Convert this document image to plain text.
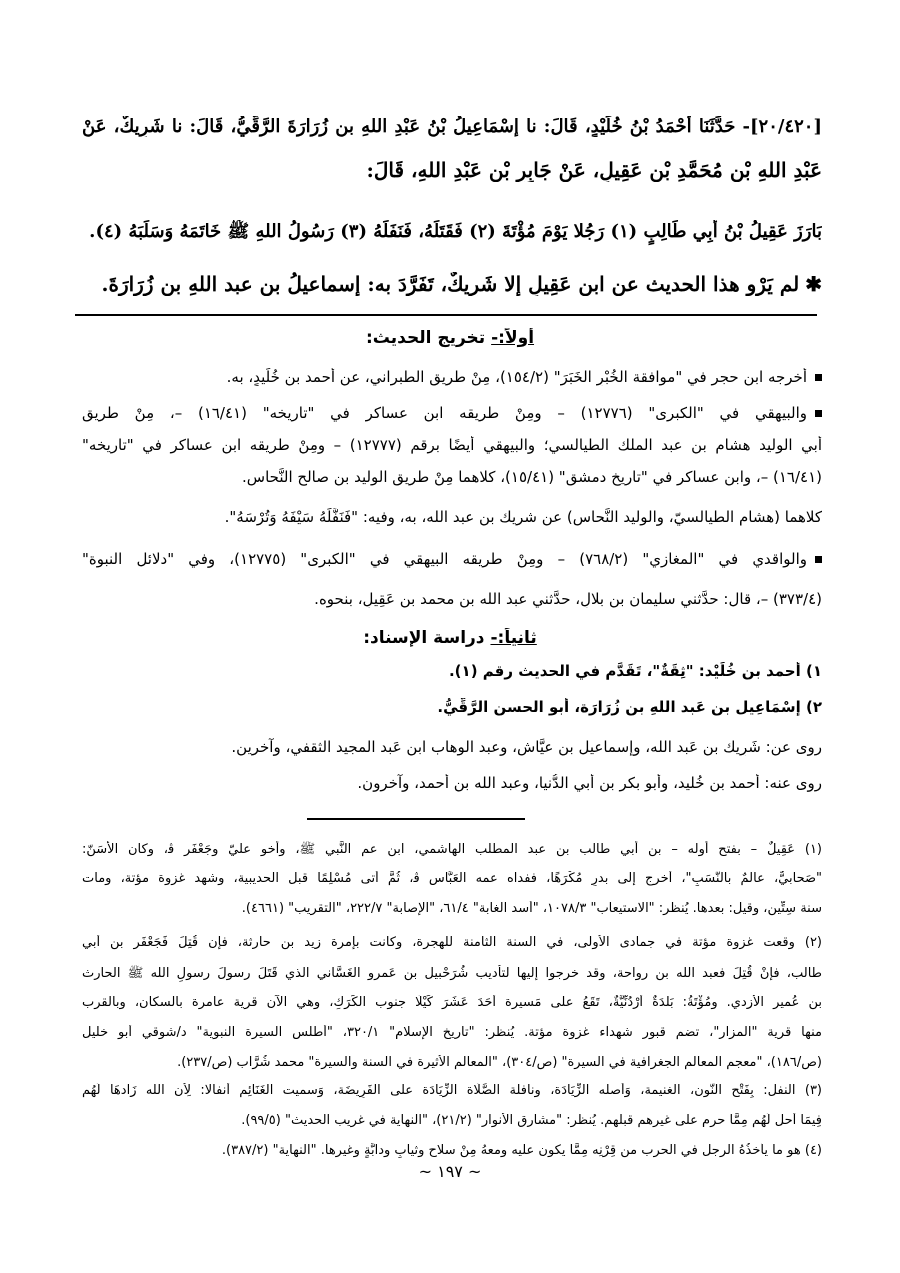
[٢٠/٤٢٠]- حَدَّثَنَا أَحْمَدُ بْنُ خُلَيْدٍ، قَالَ: نا إِسْمَاعِيلُ بْنُ عَبْدِ اللهِ بن زُرَارَةَ الرَّقِّيُّ، قَالَ: نا شَرِيكٌ، عَنْ
عَبْدِ اللهِ بْنِ مُحَمَّدِ بْنِ عَقِيلٍ، عَنْ جَابِرِ بْنِ عَبْدِ اللهِ، قَالَ:
بَارَزَ عَقِيلُ بْنُ أَبِي طَالِبٍ (١) رَجُلا يَوْمَ مُؤْتَةَ (٢) فَقَتَلَهُ، فَنَفَلَهُ (٣) رَسُولُ اللهِ ﷺ خَاتَمَهُ وَسَلَبَهُ (٤).
✱لم يَرْوِ هذا الحديث عن ابن عَقِيلٍ إلا شَرِيكٌ، تَفَرَّدَ به: إسماعيلُ بن عبد اللهِ بن زُرَارَةَ.
أولاً:- تخريج الحديث:
أخرجه ابن حجر في "موافقة الخُبْرِ الخَبَرَ" (١٥٤/٢)، مِنْ طريق الطبراني، عن أحمد بن خُلَيدٍ، به.
والبيهقي في "الكبرى" (١٢٧٧٦) – ومِنْ طريقه ابن عساكر في "تاريخه" (١٦/٤١) –، مِنْ طريق
أبي الوليد هشام بن عبد الملك الطيالسي؛ والبيهقي أيضًا برقم (١٢٧٧٧) – ومِنْ طريقه ابن عساكر في "تاريخه"
(١٦/٤١) –، وابن عساكر في "تاريخ دمشق" (١٥/٤١)، كلاهما مِنْ طريق الوليد بن صالح النَّحاس.
كلاهما (هشام الطيالسيّ، والوليد النَّحاس) عن شريك بن عبد الله، به، وفيه: "فَنَفَّلَهُ سَيْفَهُ وَتُرْسَهُ".
والواقدي في "المغازي" (٧٦٨/٢) – ومِنْ طريقه البيهقي في "الكبرى" (١٢٧٧٥)، وفي "دلائل النبوة"
(٣٧٣/٤) –، قال: حدَّثني سليمان بن بلالٍ، حدَّثني عبد الله بن محمد بن عَقِيلٍ، بنحوه.
ثانياً:- دراسة الإسناد:
١) أحمد بن خُلَيْد: "ثِقَةٌ"، تَقَدَّم في الحديث رقم (١).
٢) إِسْمَاعِيل بن عَبد اللهِ بن زُرَارَة، أبو الحسن الرَّقِّيُّ.
روى عن: شَرِيك بن عَبد الله، وإسماعيل بن عيَّاش، وعبد الوهاب ابن عَبد المجيد الثقفي، وآخرين.
روى عنه: أحمد بن خُليد، وأبو بكر بن أبي الدُّنيا، وعبد الله بن أحمد، وآخرون.
(١) عَقِيلٌ – بفتح أوله – بن أبي طالب بن عبد المطلب الهاشمي، ابن عم النَّبي ﷺ، وأخو عليّ وجَعْفَر ﭬ، وكان الأسَنّ:
"صَحابيٌّ، عالمٌ بالنَّسَبِ"، أُخرج إلى بدرٍ مُكْرَهًا، ففداه عمه العَبَّاس ﭬ، ثُمَّ أتى مُسْلِمًا قبل الحديبية، وشهد غزوة مؤتة، ومات
سنة سِتِّين، وقيل: بعدها. يُنظر: "الاستيعاب" ١٠٧٨/٣، "أسد الغابة" ٦١/٤، "الإصابة" ٢٢٢/٧، "التقريب" (٤٦٦١).
(٢) وقعت غزوة مؤتة في جمادى الأُولى، في السنة الثامنة للهجرة، وكانت بإمرة زيد بن حارثة، فإن قُتِلَ فَجَعْفَر بن أبي
طالب، فإنْ قُتِلَ فعبد الله بن رواحة، وقد خرجوا إليها لتأديب شُرَحْبيل بن عَمرو الغَسَّاني الذي قَتَلَ رسولَ رسولِ الله ﷺ الحارث
بن عُمير الأزدي. ومُؤْتَةُ: بَلْدَةٌ أُرْدُنِّيَّةٌ، تَقَعُ على مَسيرة أحَدَ عَشَرَ كَيْلًا جنوب الكَرَكِ، وهي الآن قرية عامرة بالسكان، وبالقرب
منها قرية "المزار"، تضم قبور شهداء غزوة مؤتة. يُنظر: "تاريخ الإسلام" ٣٢٠/١، "أطلس السيرة النبوية" د/شوقي أبو خليل
(ص/١٨٦)، "معجم المعالم الجغرافية في السيرة" (ص/٣٠٤)، "المعالم الأثيرة في السنة والسيرة" محمد شُرَّاب (ص/٢٣٧).
(٣) النفل: بِفَتْح النُّون، الغنيمة، وَأَصله الزِّيَادَة، ونافلة الصَّلَاة الزِّيَادَة على الْفَرِيضَة، وَسميت الْغَنَائِم أنفالا: لِأَن الله زَادهَا لَهُم
فِيمَا أحل لَهُم مِمَّا حرم على غيرهم قبلهم. يُنظر: "مشارق الأنوار" (٢١/٢)، "النهاية في غريب الحديث" (٩٩/٥).
(٤) هو ما يأخذُهُ الرجل في الحرب من قِرْنِه مِمَّا يكون عليه ومعهُ مِنْ سلاحٍ وثيابٍ ودابَّةٍ وغيرها. "النهاية" (٣٨٧/٢).
~ ١٩٧ ~
